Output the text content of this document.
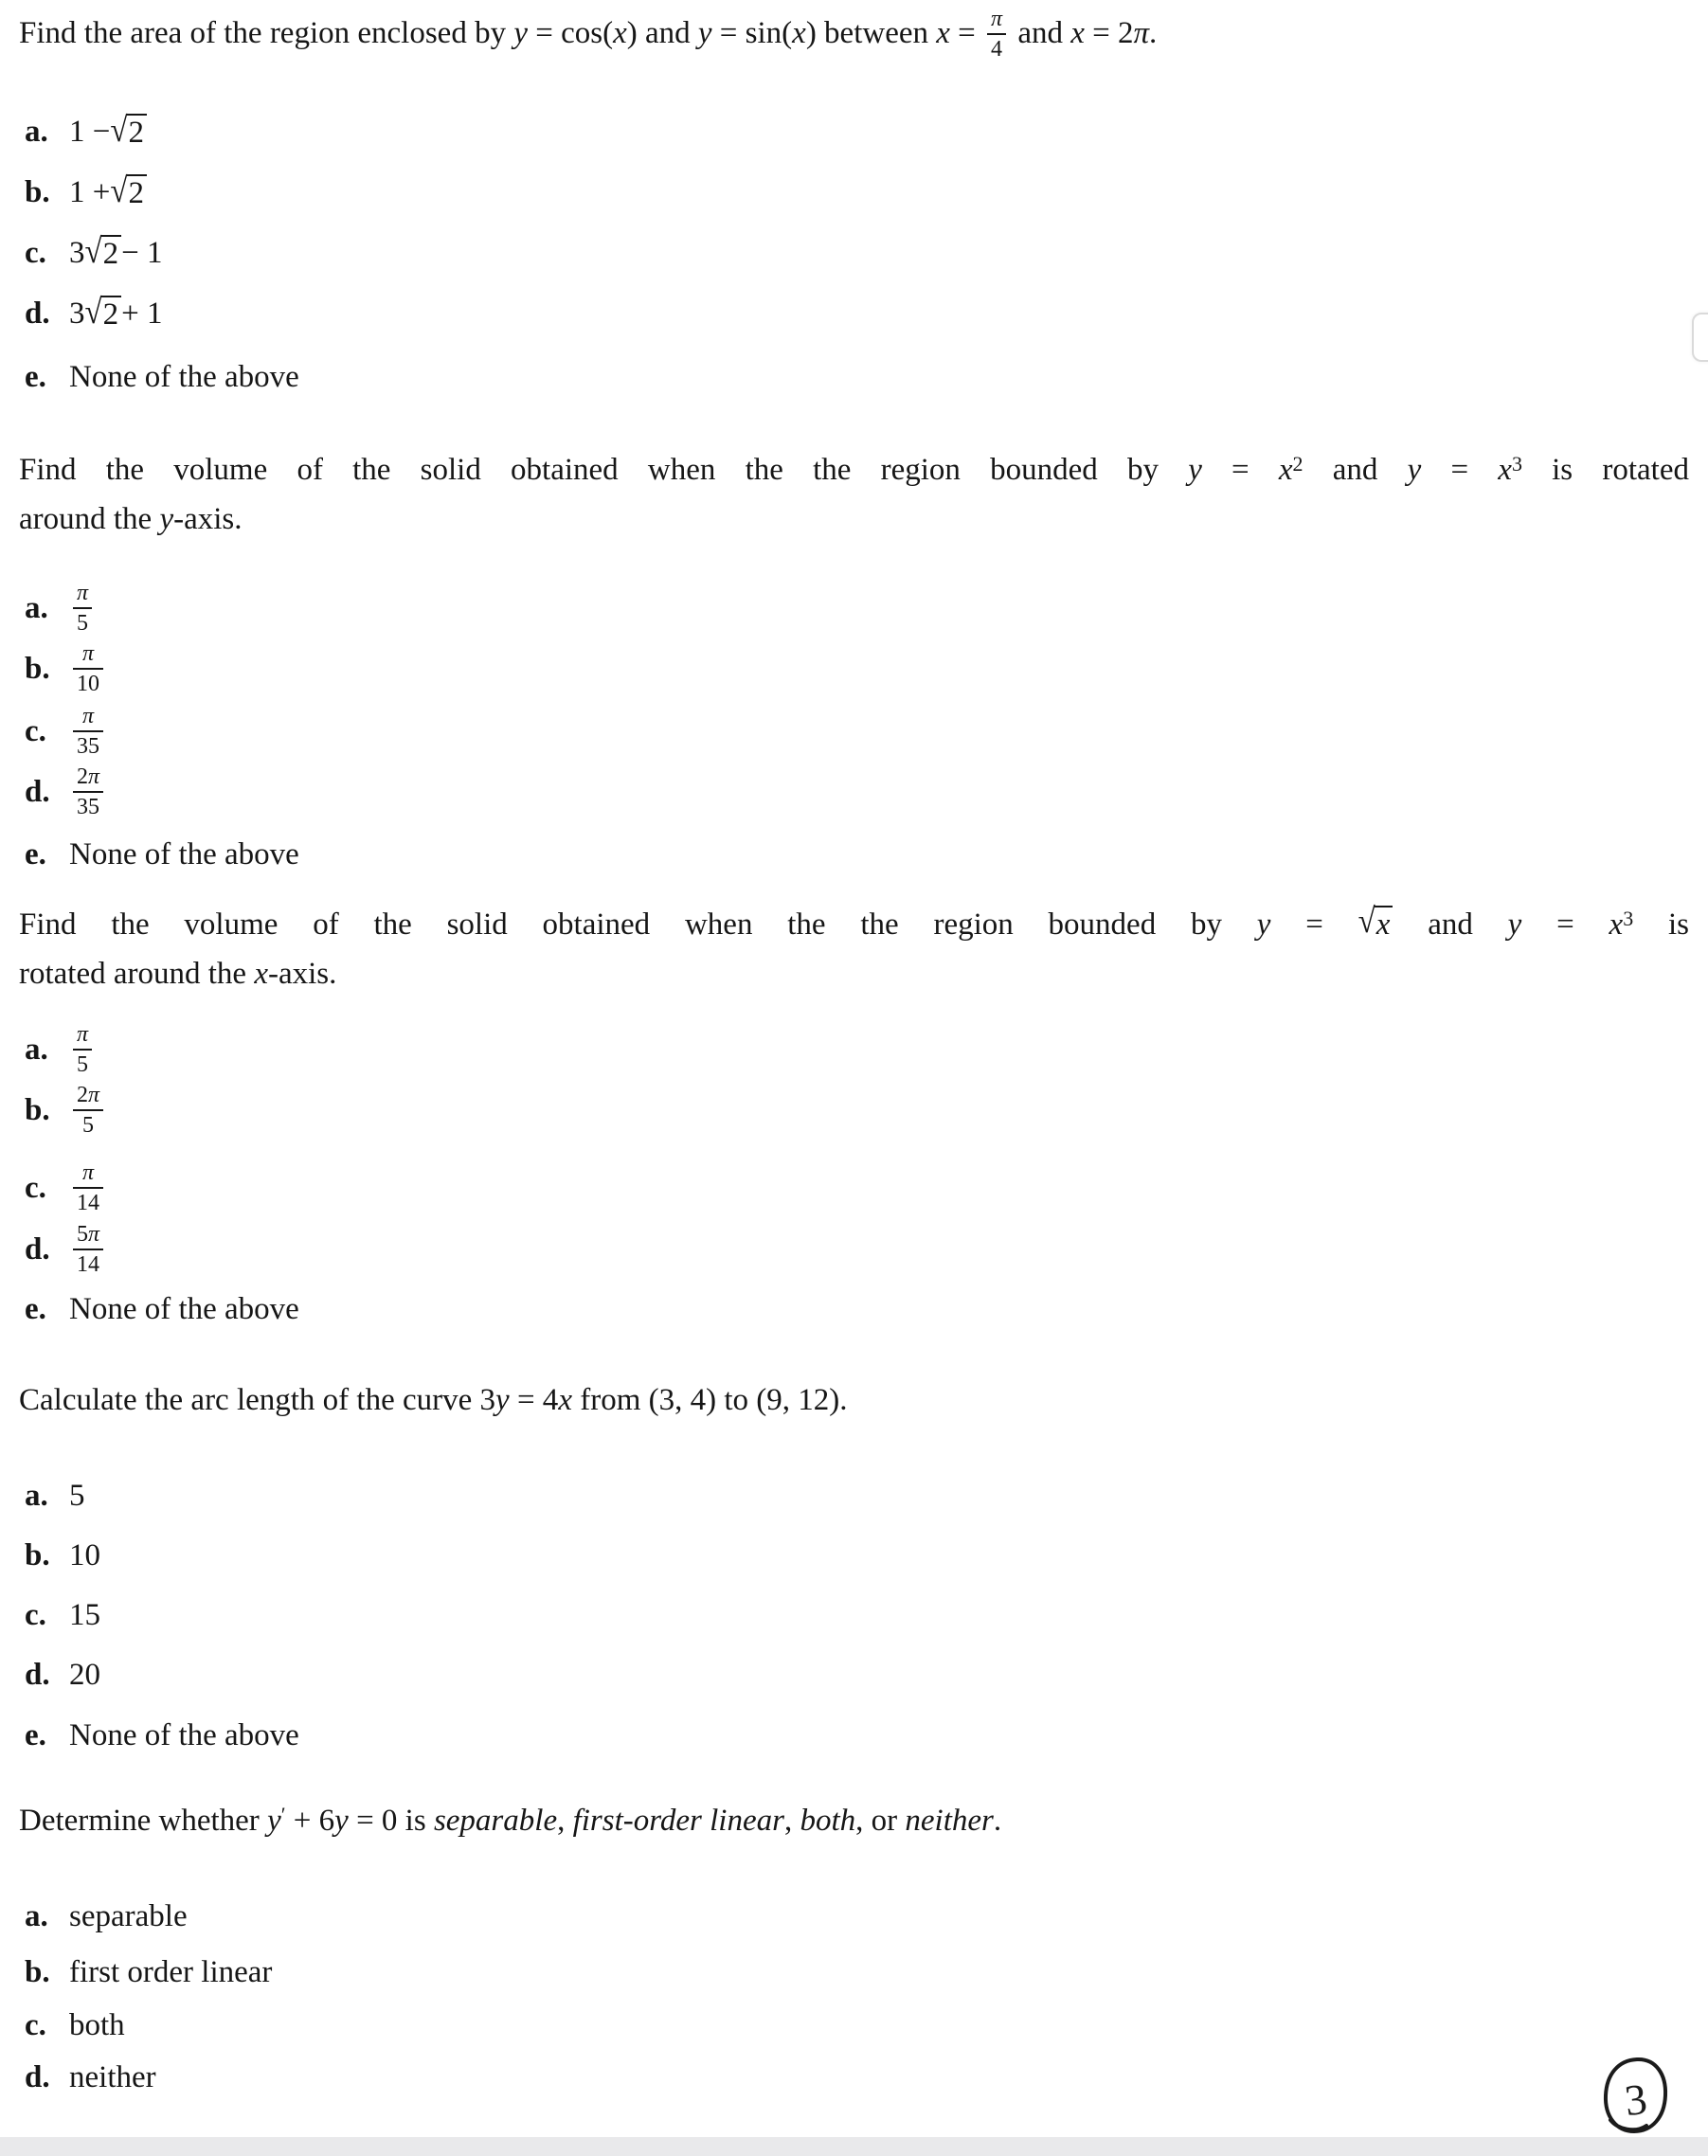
Find the area of the region enclosed by y = cos(x) and y = sin(x) between $x = \frac{\pi}{4}$ and x = 2π.
a. 1 − √2
b. 1 + √2
c. 3 √2 − 1
d. 3 √2 + 1
e. None of the above
Find the volume of the solid obtained when the the region bounded by $y = x^2$ and $y = x^3$ is rotated
around the y-axis.
a.	$\frac{\pi}{5}$
b.	$\frac{\pi}{10}$
c.	$\frac{\pi}{35}$
d.	$\frac{2\pi}{35}$
e. None of the above
Find the volume of the solid obtained when the the region bounded by y = √x and $y = x^3$ is
rotated around the x-axis.
a.	$\frac{\pi}{5}$
b.	$\frac{2\pi}{5}$
c.	$\frac{\pi}{14}$
d.	$\frac{5\pi}{14}$
e. None of the above
Calculate the arc length of the curve 3y = 4x from (3, 4) to (9, 12).
a. 5
b. 10
c. 15
d. 20
e. None of the above
Determine whether y′ + 6y = 0 is separable, first-order linear, both, or neither.
a. separable
b. first order linear
c. both
d. neither	3
